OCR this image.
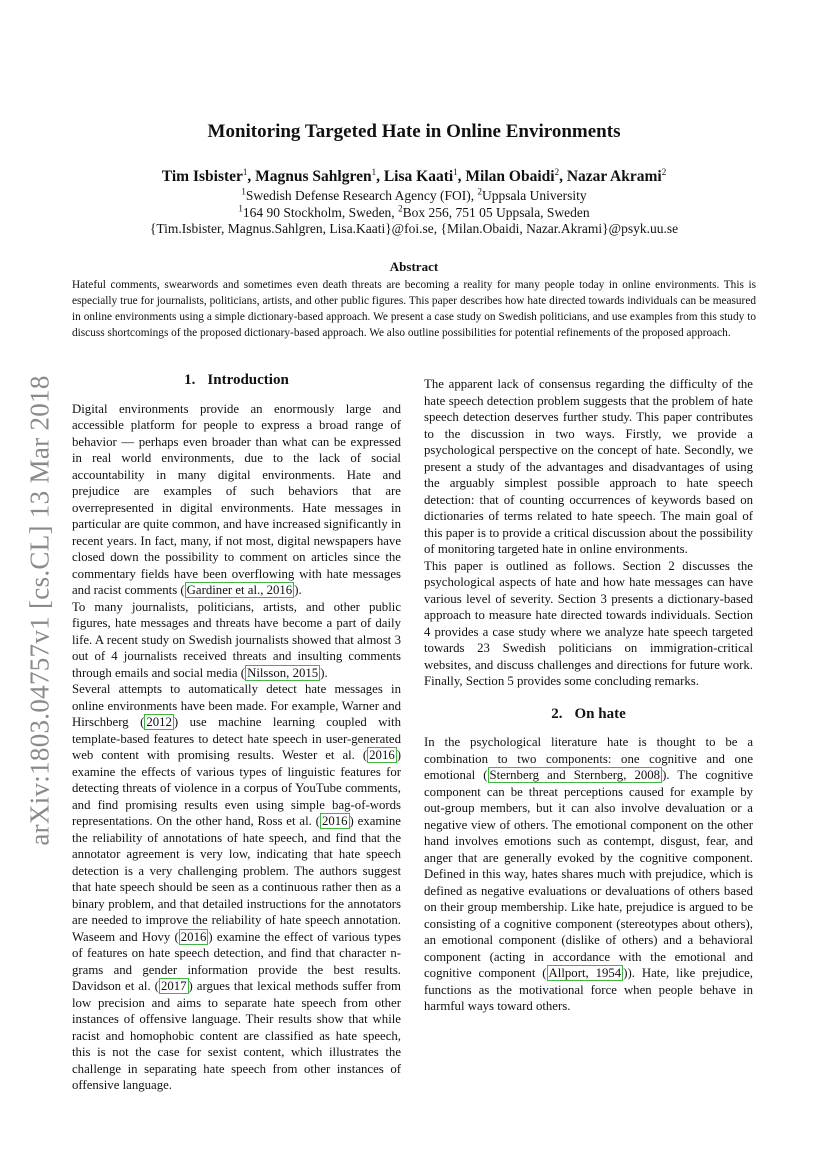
arXiv:1803.04757v1 [cs.CL] 13 Mar 2018
Monitoring Targeted Hate in Online Environments
Tim Isbister$^1$, Magnus Sahlgren$^1$, Lisa Kaati$^1$, Milan Obaidi$^2$, Nazar Akrami$^2$
$^1$Swedish Defense Research Agency (FOI), $^2$Uppsala University
$^1$164 90 Stockholm, Sweden, $^2$Box 256, 751 05 Uppsala, Sweden
{Tim.Isbister, Magnus.Sahlgren, Lisa.Kaati}@foi.se, {Milan.Obaidi, Nazar.Akrami}@psyk.uu.se
Abstract

Hateful comments, swearwords and sometimes even death threats are becoming a reality for many people today in online environments. This is especially true for journalists, politicians, artists, and other public figures. This paper describes how hate directed towards individuals can be measured in online environments using a simple dictionary-based approach. We present a case study on Swedish politicians, and use examples from this study to discuss shortcomings of the proposed dictionary-based approach. We also outline possibilities for potential refinements of the proposed approach.

1. Introduction

Digital environments provide an enormously large and accessible platform for people to express a broad range of behavior — perhaps even broader than what can be expressed in real world environments, due to the lack of social accountability in many digital environments. Hate and prejudice are examples of such behaviors that are overrepresented in digital environments. Hate messages in particular are quite common, and have increased significantly in recent years. In fact, many, if not most, digital newspapers have closed down the possibility to comment on articles since the commentary fields have been overflowing with hate messages and racist comments ( Gardiner et al., 2016 ).

To many journalists, politicians, artists, and other public figures, hate messages and threats have become a part of daily life. A recent study on Swedish journalists showed that almost 3 out of 4 journalists received threats and insulting comments through emails and social media ( Nilsson, 2015 ).

Several attempts to automatically detect hate messages in online environments have been made. For example, Warner and Hirschberg ( 2012 ) use machine learning coupled with template-based features to detect hate speech in user-generated web content with promising results. Wester et al. ( 2016 ) examine the effects of various types of linguistic features for detecting threats of violence in a corpus of YouTube comments, and find promising results even using simple bag-of-words representations. On the other hand, Ross et al. ( 2016 ) examine the reliability of annotations of hate speech, and find that the annotator agreement is very low, indicating that hate speech detection is a very challenging problem. The authors suggest that hate speech should be seen as a continuous rather then as a binary problem, and that detailed instructions for the annotators are needed to improve the reliability of hate speech annotation. Waseem and Hovy ( 2016 ) examine the effect of various types of features on hate speech detection, and find that character n-grams and gender information provide the best results. Davidson et al. ( 2017 ) argues that lexical methods suffer from low precision and aims to separate hate speech from other instances of offensive language. Their results show that while racist and homophobic content are classified as hate speech, this is not the case for sexist content, which illustrates the challenge in separating hate speech from other instances of offensive language.

The apparent lack of consensus regarding the difficulty of the hate speech detection problem suggests that the problem of hate speech detection deserves further study. This paper contributes to the discussion in two ways. Firstly, we provide a psychological perspective on the concept of hate. Secondly, we present a study of the advantages and disadvantages of using the arguably simplest possible approach to hate speech detection: that of counting occurrences of keywords based on dictionaries of terms related to hate speech. The main goal of this paper is to provide a critical discussion about the possibility of monitoring targeted hate in online environments.

This paper is outlined as follows. Section 2 discusses the psychological aspects of hate and how hate messages can have various level of severity. Section 3 presents a dictionary-based approach to measure hate directed towards individuals. Section 4 provides a case study where we analyze hate speech targeted towards 23 Swedish politicians on immigration-critical websites, and discuss challenges and directions for future work. Finally, Section 5 provides some concluding remarks.

2. On hate

In the psychological literature hate is thought to be a combination to two components: one cognitive and one emotional ( Sternberg and Sternberg, 2008 ). The cognitive component can be threat perceptions caused for example by out-group members, but it can also involve devaluation or a negative view of others. The emotional component on the other hand involves emotions such as contempt, disgust, fear, and anger that are generally evoked by the cognitive component. Defined in this way, hates shares much with prejudice, which is defined as negative evaluations or devaluations of others based on their group membership. Like hate, prejudice is argued to be consisting of a cognitive component (stereotypes about others), an emotional component (dislike of others) and a behavioral component (acting in accordance with the emotional and cognitive component ( Allport, 1954 )). Hate, like prejudice, functions as the motivational force when people behave in harmful ways toward others.
